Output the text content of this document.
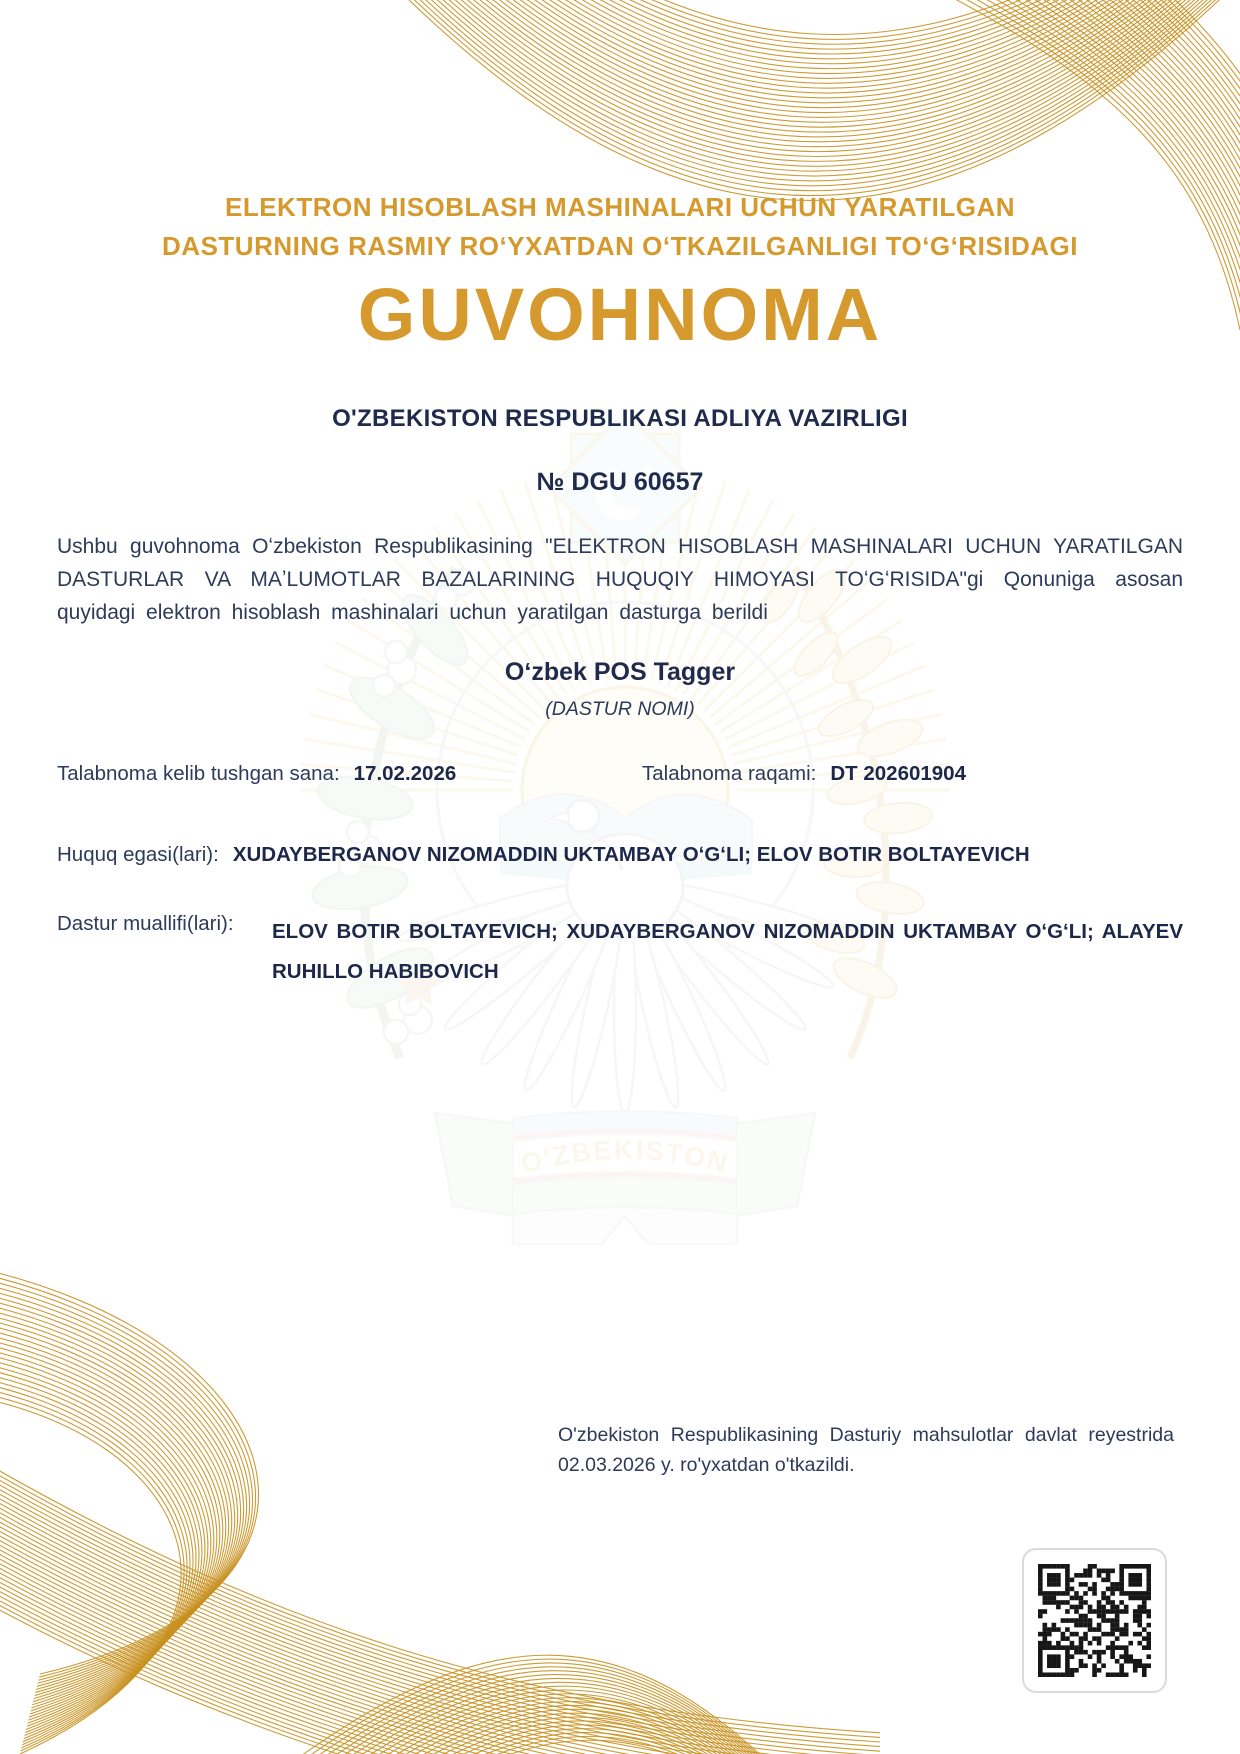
O'ZBEKISTON
ELEKTRON HISOBLASH MASHINALARI UCHUN YARATILGAN
DASTURNING RASMIY ROʻYXATDAN OʻTKAZILGANLIGI TOʻGʻRISIDAGI
GUVOHNOMA
O'ZBEKISTON RESPUBLIKASI ADLIYA VAZIRLIGI
№ DGU 60657
Ushbu guvohnoma Oʻzbekiston Respublikasining "ELEKTRON HISOBLASH MASHINALARI UCHUN YARATILGAN DASTURLAR VA MAʼLUMOTLAR BAZALARINING HUQUQIY HIMOYASI TOʻGʻRISIDA"gi Qonuniga asosan quyidagi elektron hisoblash mashinalari uchun yaratilgan dasturga berildi
Oʻzbek POS Tagger
(DASTUR NOMI)
Talabnoma kelib tushgan sana: 17.02.2026	Talabnoma raqami: DT 202601904
Huquq egasi(lari): XUDAYBERGANOV NIZOMADDIN UKTAMBAY OʻGʻLI; ELOV BOTIR BOLTAYEVICH
Dastur muallifi(lari):	ELOV BOTIR BOLTAYEVICH; XUDAYBERGANOV NIZOMADDIN UKTAMBAY OʻGʻLI; ALAYEV RUHILLO HABIBOVICH
O'zbekiston Respublikasining Dasturiy mahsulotlar davlat reyestrida 02.03.2026 y. ro'yxatdan o'tkazildi.
